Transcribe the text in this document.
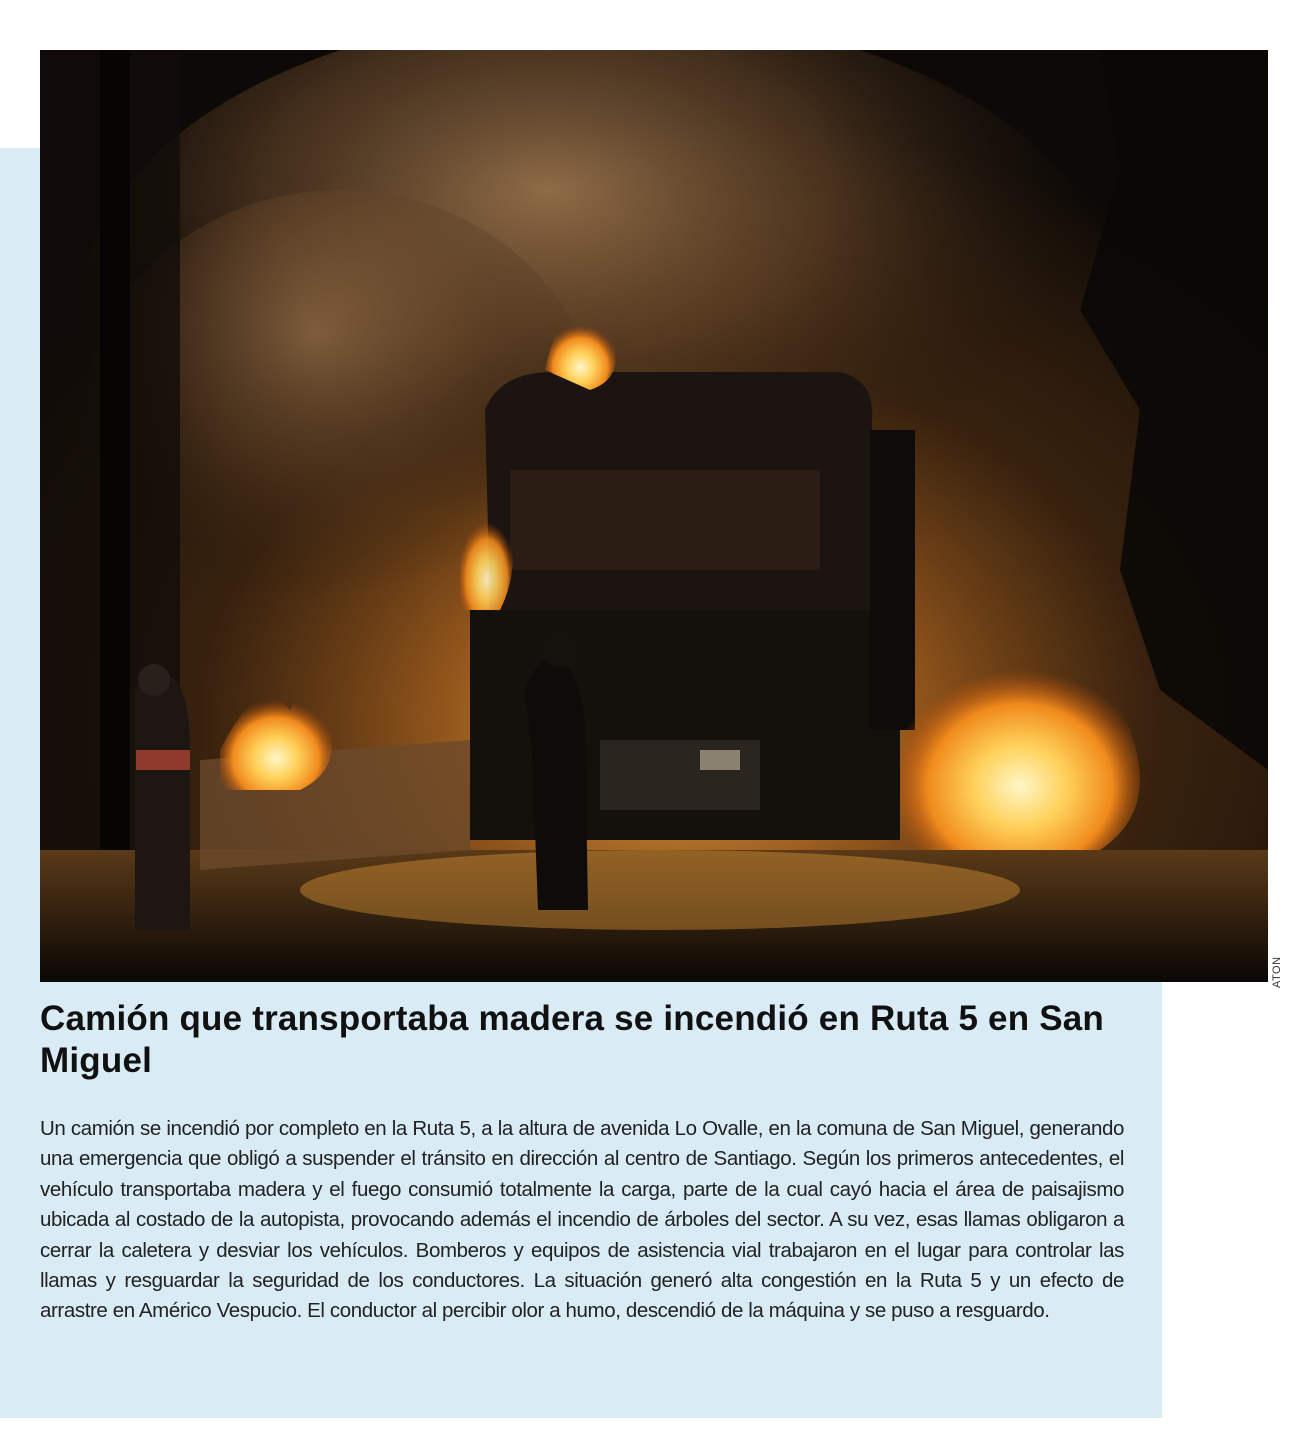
ATON
Camión que transportaba madera se incendió en Ruta 5 en San Miguel

Un camión se incendió por completo en la Ruta 5, a la altura de avenida Lo Ovalle, en la comuna de San Miguel, generando una emergencia que obligó a suspender el tránsito en dirección al centro de Santiago. Según los primeros antecedentes, el vehículo transportaba madera y el fuego consumió totalmente la carga, parte de la cual cayó hacia el área de paisajismo ubicada al costado de la autopista, provocando además el incendio de árboles del sector. A su vez, esas llamas obligaron a cerrar la caletera y desviar los vehículos. Bomberos y equipos de asistencia vial trabajaron en el lugar para controlar las llamas y resguardar la seguridad de los conductores. La situación generó alta congestión en la Ruta 5 y un efecto de arrastre en Américo Vespucio. El conductor al percibir olor a humo, descendió de la máquina y se puso a resguardo.
